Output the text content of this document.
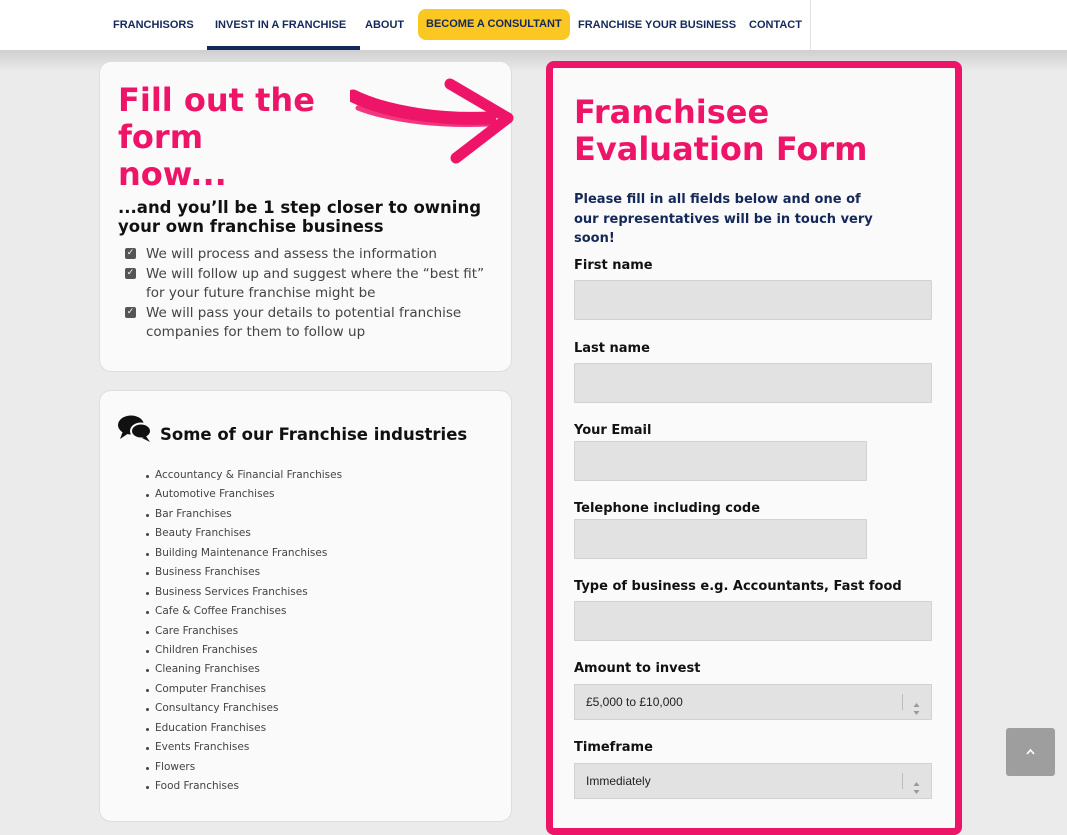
FRANCHISORS INVEST IN A FRANCHISE ABOUT	BECOME A CONSULTANT	FRANCHISE YOUR BUSINESS CONTACT
Fill out the form now...

...and you’ll be 1 step closer to owning your own franchise business

✓ We will process and assess the information
✓ We will follow up and suggest where the “best fit” for your future franchise might be
✓ We will pass your details to potential franchise companies for them to follow up
Some of our Franchise industries
Accountancy & Financial Franchises
Automotive Franchises
Bar Franchises
Beauty Franchises
Building Maintenance Franchises
Business Franchises
Business Services Franchises
Cafe & Coffee Franchises
Care Franchises
Children Franchises
Cleaning Franchises
Computer Franchises
Consultancy Franchises
Education Franchises
Events Franchises
Flowers
Food Franchises
Franchisee Evaluation Form

Please fill in all fields below and one of our representatives will be in touch very soon!

First name
Last name
Your Email
Telephone including code
Type of business e.g. Accountants, Fast food
Amount to invest
£5,000 to £10,000
Timeframe
Immediately
